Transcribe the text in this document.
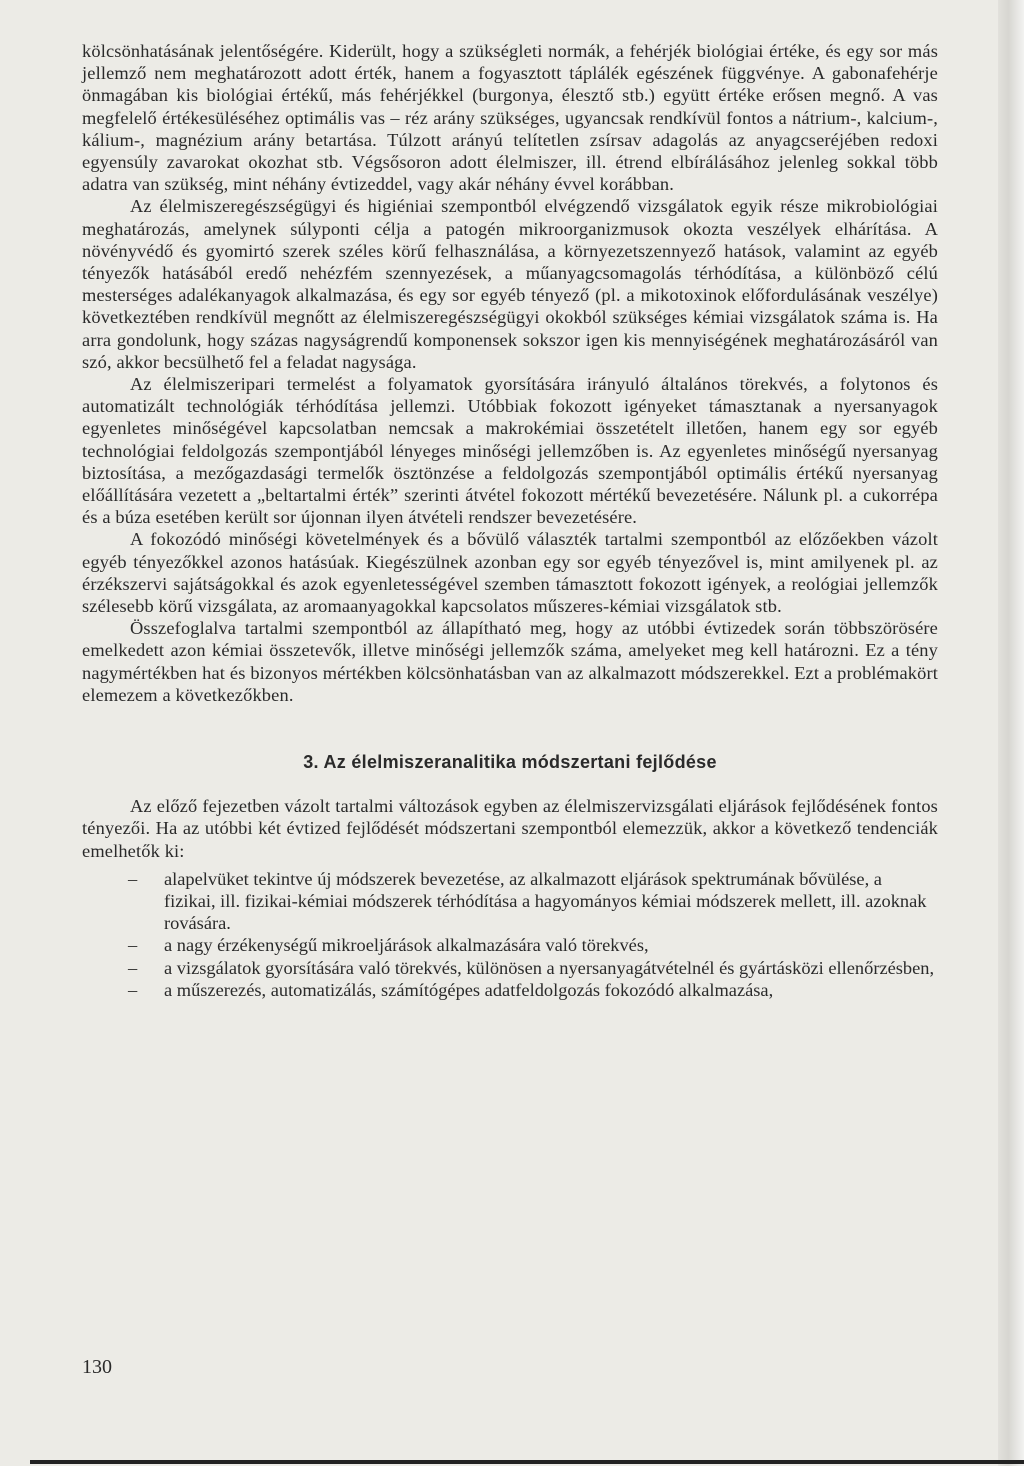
kölcsönhatásának jelentőségére. Kiderült, hogy a szükségleti normák, a fehérjék biológiai értéke, és egy sor más jellemző nem meghatározott adott érték, hanem a fogyasztott táplálék egészének függvénye. A gabonafehérje önmagában kis biológiai értékű, más fehérjékkel (burgonya, élesztő stb.) együtt értéke erősen megnő. A vas megfelelő értékesüléséhez optimális vas – réz arány szükséges, ugyancsak rendkívül fontos a nátrium-, kalcium-, kálium-, magnézium arány betartása. Túlzott arányú telítetlen zsírsav adagolás az anyagcseréjében redoxi egyensúly zavarokat okozhat stb. Végsősoron adott élelmiszer, ill. étrend elbírálásához jelenleg sokkal több adatra van szükség, mint néhány évtizeddel, vagy akár néhány évvel korábban.

Az élelmiszeregészségügyi és higiéniai szempontból elvégzendő vizsgálatok egyik része mikrobiológiai meghatározás, amelynek súlyponti célja a patogén mikroorganizmusok okozta veszélyek elhárítása. A növényvédő és gyomirtó szerek széles körű felhasználása, a környezetszennyező hatások, valamint az egyéb tényezők hatásából eredő nehézfém szennyezések, a műanyagcsomagolás térhódítása, a különböző célú mesterséges adalékanyagok alkalmazása, és egy sor egyéb tényező (pl. a mikotoxinok előfordulásának veszélye) következtében rendkívül megnőtt az élelmiszeregészségügyi okokból szükséges kémiai vizsgálatok száma is. Ha arra gondolunk, hogy százas nagyságrendű komponensek sokszor igen kis mennyiségének meghatározásáról van szó, akkor becsülhető fel a feladat nagysága.

Az élelmiszeripari termelést a folyamatok gyorsítására irányuló általános törekvés, a folytonos és automatizált technológiák térhódítása jellemzi. Utóbbiak fokozott igényeket támasztanak a nyersanyagok egyenletes minőségével kapcsolatban nemcsak a makrokémiai összetételt illetően, hanem egy sor egyéb technológiai feldolgozás szempontjából lényeges minőségi jellemzőben is. Az egyenletes minőségű nyersanyag biztosítása, a mezőgazdasági termelők ösztönzése a feldolgozás szempontjából optimális értékű nyersanyag előállítására vezetett a „beltartalmi érték” szerinti átvétel fokozott mértékű bevezetésére. Nálunk pl. a cukorrépa és a búza esetében került sor újonnan ilyen átvételi rendszer bevezetésére.

A fokozódó minőségi követelmények és a bővülő választék tartalmi szempontból az előzőekben vázolt egyéb tényezőkkel azonos hatásúak. Kiegészülnek azonban egy sor egyéb tényezővel is, mint amilyenek pl. az érzékszervi sajátságokkal és azok egyenletességével szemben támasztott fokozott igények, a reológiai jellemzők szélesebb körű vizsgálata, az aromaanyagokkal kapcsolatos műszeres-kémiai vizsgálatok stb.

Összefoglalva tartalmi szempontból az állapítható meg, hogy az utóbbi évtizedek során többszörösére emelkedett azon kémiai összetevők, illetve minőségi jellemzők száma, amelyeket meg kell határozni. Ez a tény nagymértékben hat és bizonyos mértékben kölcsönhatásban van az alkalmazott módszerekkel. Ezt a problémakört elemezem a következőkben.

3. Az élelmiszeranalitika módszertani fejlődése

Az előző fejezetben vázolt tartalmi változások egyben az élelmiszervizsgálati eljárások fejlődésének fontos tényezői. Ha az utóbbi két évtized fejlődését módszertani szempontból elemezzük, akkor a következő tendenciák emelhetők ki:

–	alapelvüket tekintve új módszerek bevezetése, az alkalmazott eljárások spektrumának bővülése, a fizikai, ill. fizikai-kémiai módszerek térhódítása a hagyományos kémiai módszerek mellett, ill. azoknak rovására.
–	a nagy érzékenységű mikroeljárások alkalmazására való törekvés,
–	a vizsgálatok gyorsítására való törekvés, különösen a nyersanyagátvételnél és gyártásközi ellenőrzésben,
–	a műszerezés, automatizálás, számítógépes adatfeldolgozás fokozódó alkalmazása,
130
